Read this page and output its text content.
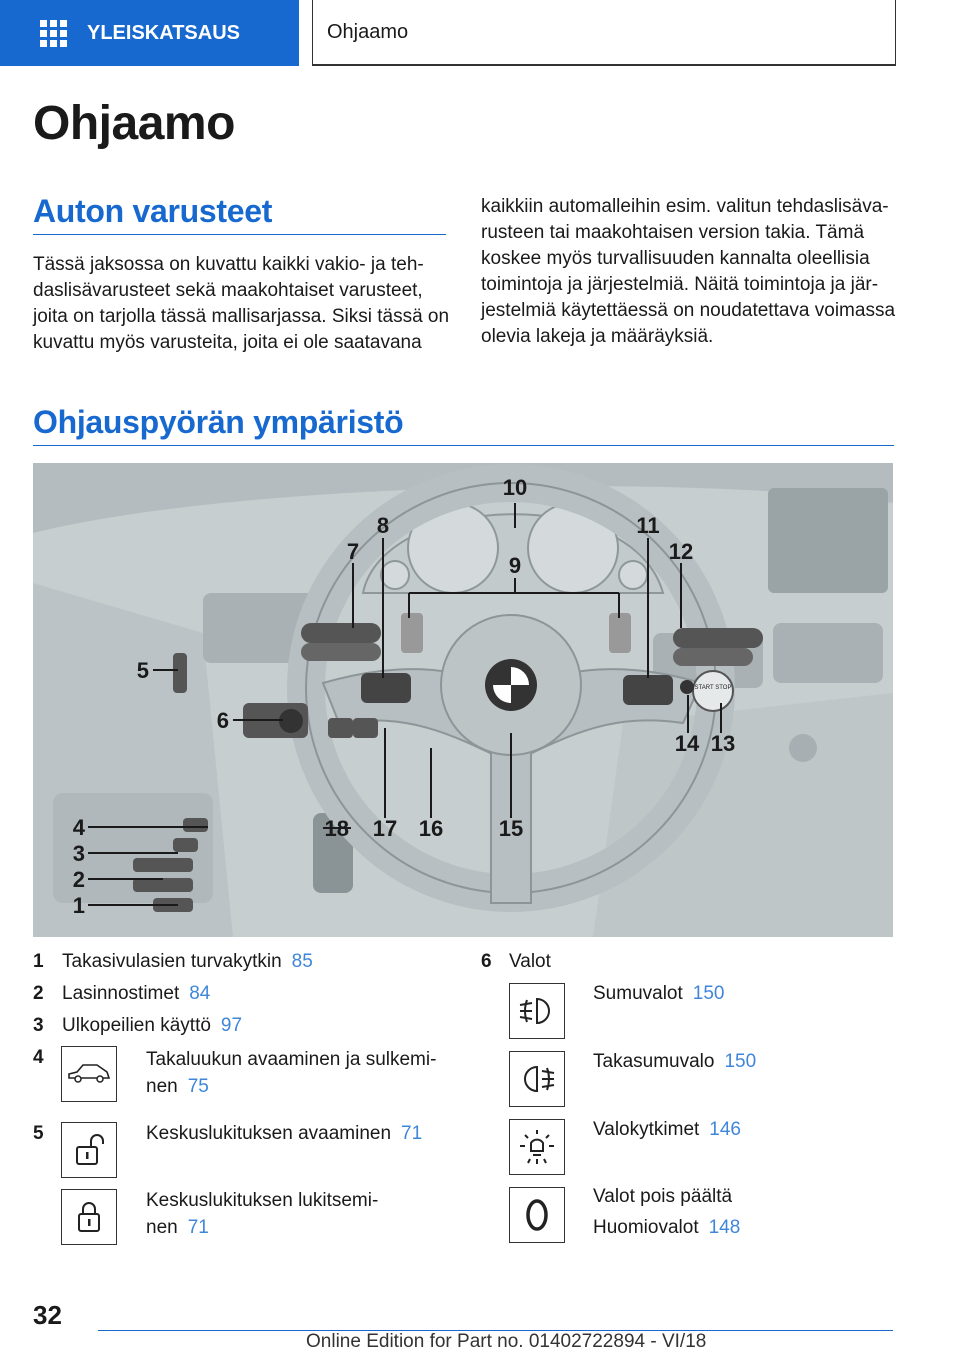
YLEISKATSAUS	Ohjaamo
Ohjaamo
Auton varusteet
Tässä jaksossa on kuvattu kaikki vakio- ja teh‐
daslisävarusteet sekä maakohtaiset varusteet,
joita on tarjolla tässä mallisarjassa. Siksi tässä on
kuvattu myös varusteita, joita ei ole saatavana
kaikkiin automalleihin esim. valitun tehdaslisäva‐
rusteen tai maakohtaisen version takia. Tämä
koskee myös turvallisuuden kannalta oleellisia
toimintoja ja järjestelmiä. Näitä toimintoja ja jär‐
jestelmiä käytettäessä on noudatettava voimassa
olevia lakeja ja määräyksiä.
Ohjauspyörän ympäristö
START STOP
1
2
3
4
5
6
7
8
9
10
11
12
13
14
15
16
17
18
1 Takasivulasien turvakytkin 85
2 Lasinnostimet 84
3 Ulkopeilien käyttö 97
4	Takaluukun avaaminen ja sulkemi‐
nen 75
5	Keskuslukituksen avaaminen 71
Keskuslukituksen lukitsemi‐
nen 71
6 Valot
Sumuvalot 150
Takasumuvalo 150
Valokytkimet 146
Valot pois päältä
Huomiovalot 148
32
Online Edition for Part no. 01402722894 - VI/18
